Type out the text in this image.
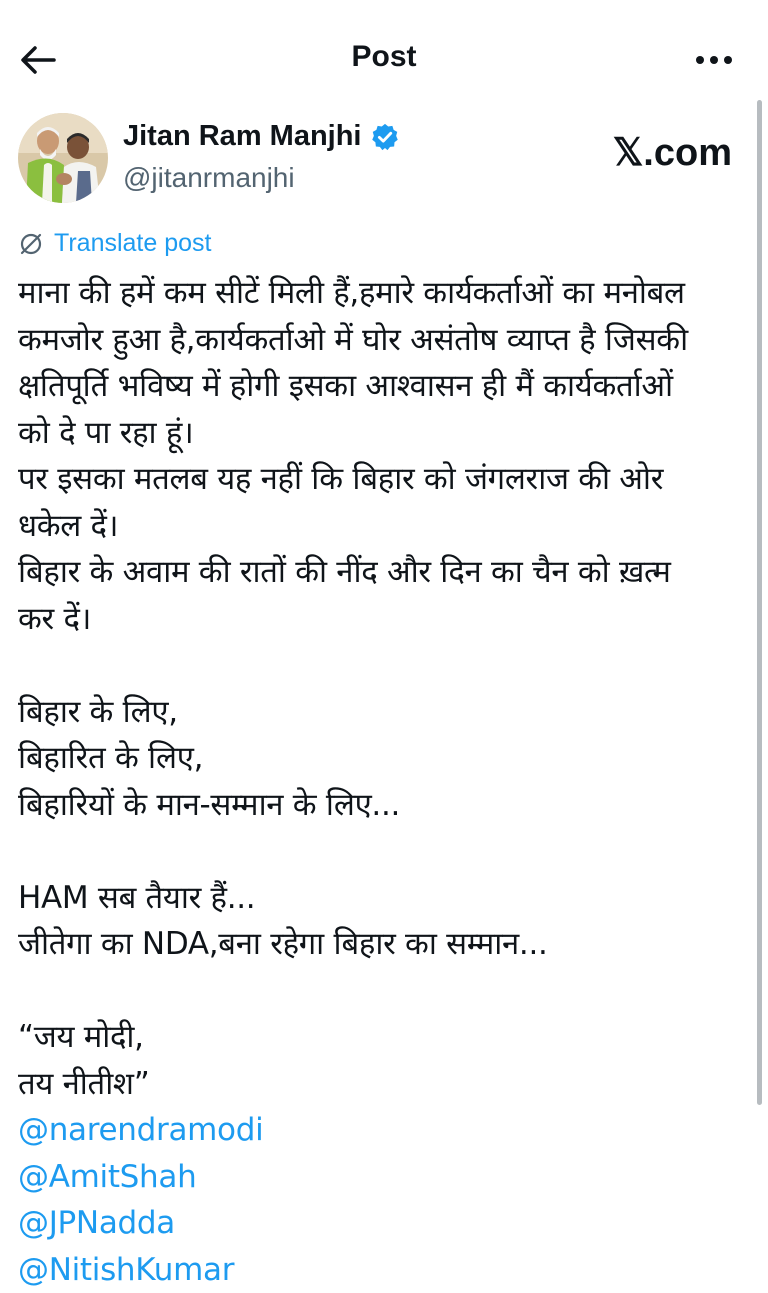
Post
Jitan Ram Manjhi
@jitanrmanjhi
𝕏.com
Translate post
माना की हमें कम सीटें मिली हैं,हमारे कार्यकर्ताओं का मनोबल
कमजोर हुआ है,कार्यकर्ताओ में घोर असंतोष व्याप्त है जिसकी
क्षतिपूर्ति भविष्य में होगी इसका आश्वासन ही मैं कार्यकर्ताओं
को दे पा रहा हूं।
पर इसका मतलब यह नहीं कि बिहार को जंगलराज की ओर
धकेल दें।
बिहार के अवाम की रातों की नींद और दिन का चैन को ख़त्म
कर दें।
बिहार के लिए,
बिहारित के लिए,
बिहारियों के मान-सम्मान के लिए...
HAM सब तैयार हैं...
जीतेगा का NDA,बना रहेगा बिहार का सम्मान...
“जय मोदी,
तय नीतीश”
@narendramodi
@AmitShah
@JPNadda
@NitishKumar
